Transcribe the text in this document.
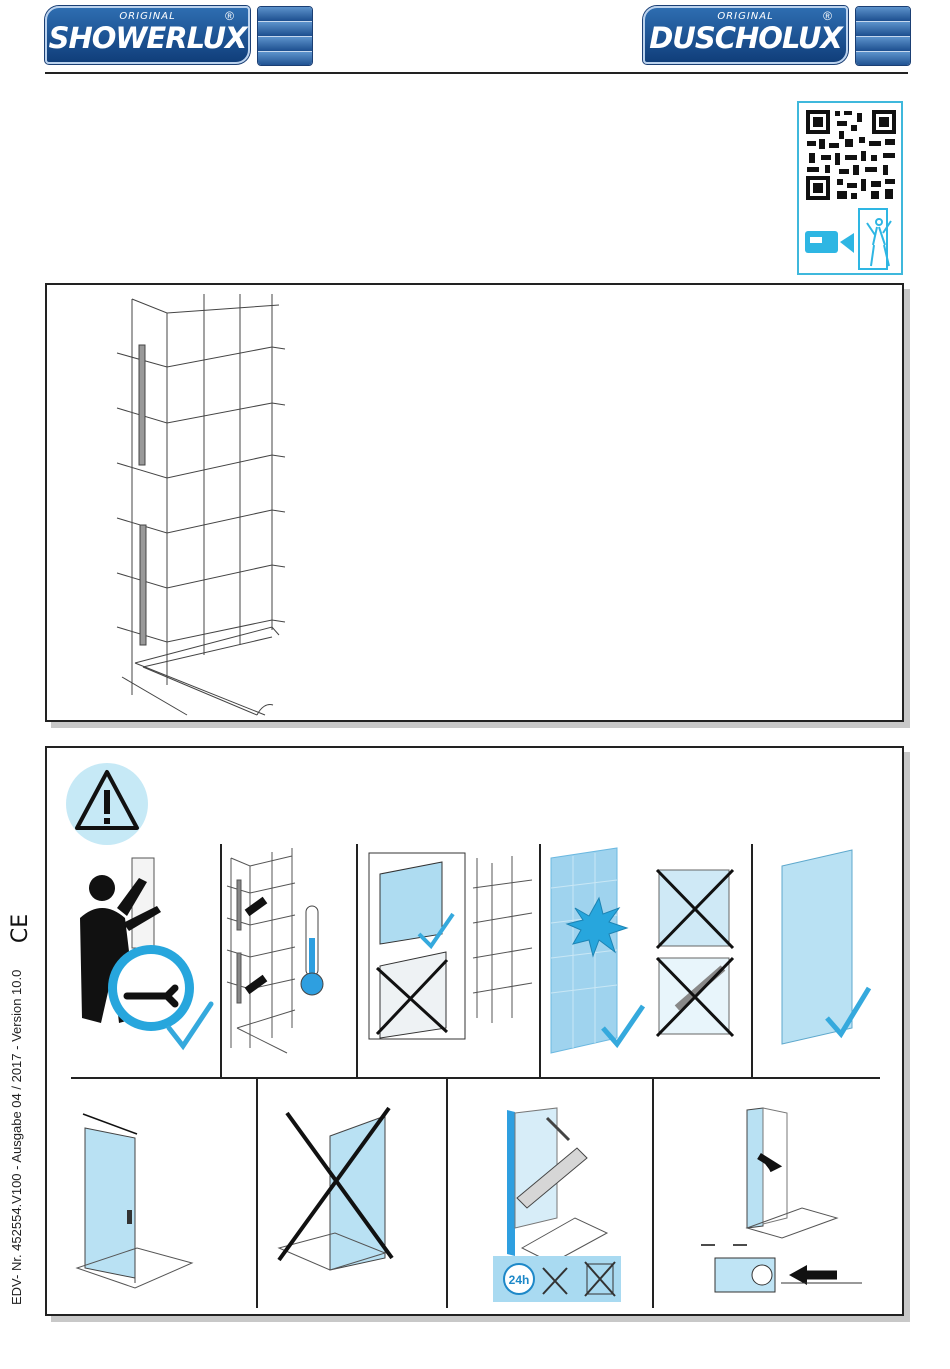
ORIGINAL
SHOWERLUX
®	ORIGINAL
DUSCHOLUX
®
24h
EDV- Nr. 452554.V100 - Ausgabe 04 / 2017 - Version 10.0
CE
